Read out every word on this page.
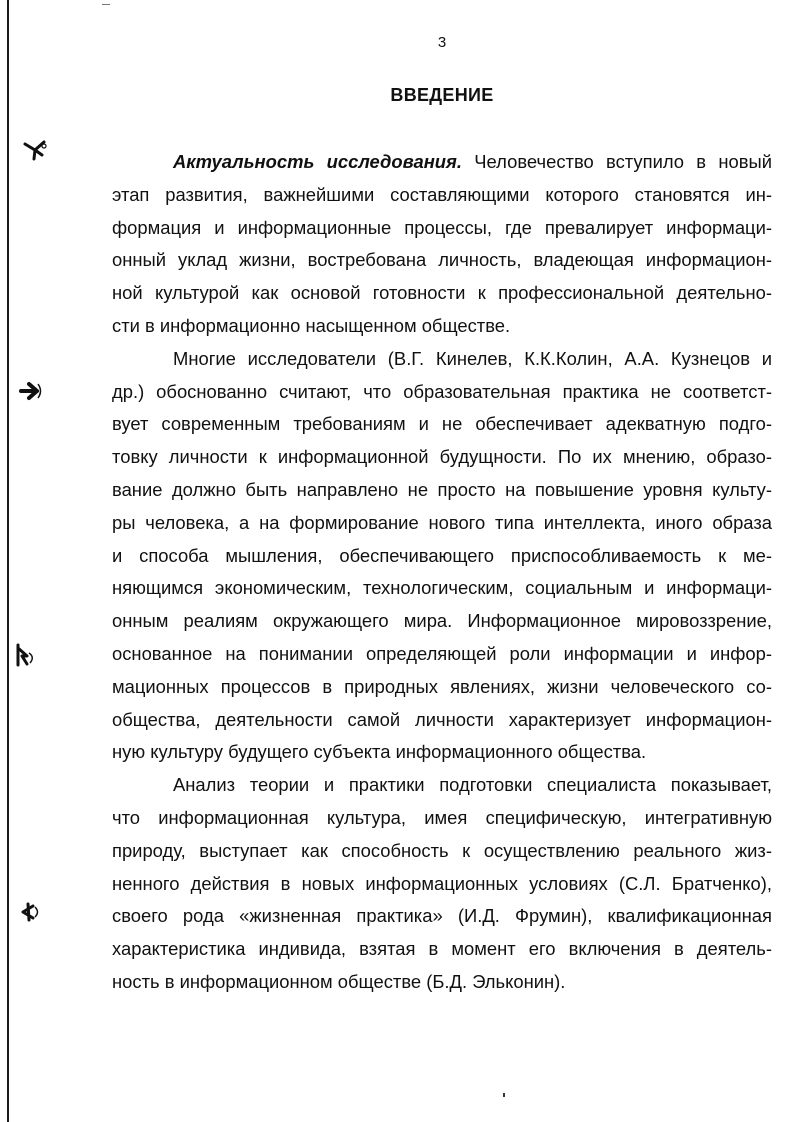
3
ВВЕДЕНИЕ
Актуальность исследования. Человечество вступило в новый
этап развития, важнейшими составляющими которого становятся ин-
формация и информационные процессы, где превалирует информаци-
онный уклад жизни, востребована личность, владеющая информацион-
ной культурой как основой готовности к профессиональной деятельно-
сти в информационно насыщенном обществе.
Многие исследователи (В.Г. Кинелев, К.К.Колин, А.А. Кузнецов и
др.) обоснованно считают, что образовательная практика не соответст-
вует современным требованиям и не обеспечивает адекватную подго-
товку личности к информационной будущности. По их мнению, образо-
вание должно быть направлено не просто на повышение уровня культу-
ры человека, а на формирование нового типа интеллекта, иного образа
и способа мышления, обеспечивающего приспособливаемость к ме-
няющимся экономическим, технологическим, социальным и информаци-
онным реалиям окружающего мира. Информационное мировоззрение,
основанное на понимании определяющей роли информации и инфор-
мационных процессов в природных явлениях, жизни человеческого со-
общества, деятельности самой личности характеризует информацион-
ную культуру будущего субъекта информационного общества.
Анализ теории и практики подготовки специалиста показывает,
что информационная культура, имея специфическую, интегративную
природу, выступает как способность к осуществлению реального жиз-
ненного действия в новых информационных условиях (С.Л. Братченко),
своего рода «жизненная практика» (И.Д. Фрумин), квалификационная
характеристика индивида, взятая в момент его включения в деятель-
ность в информационном обществе (Б.Д. Эльконин).
